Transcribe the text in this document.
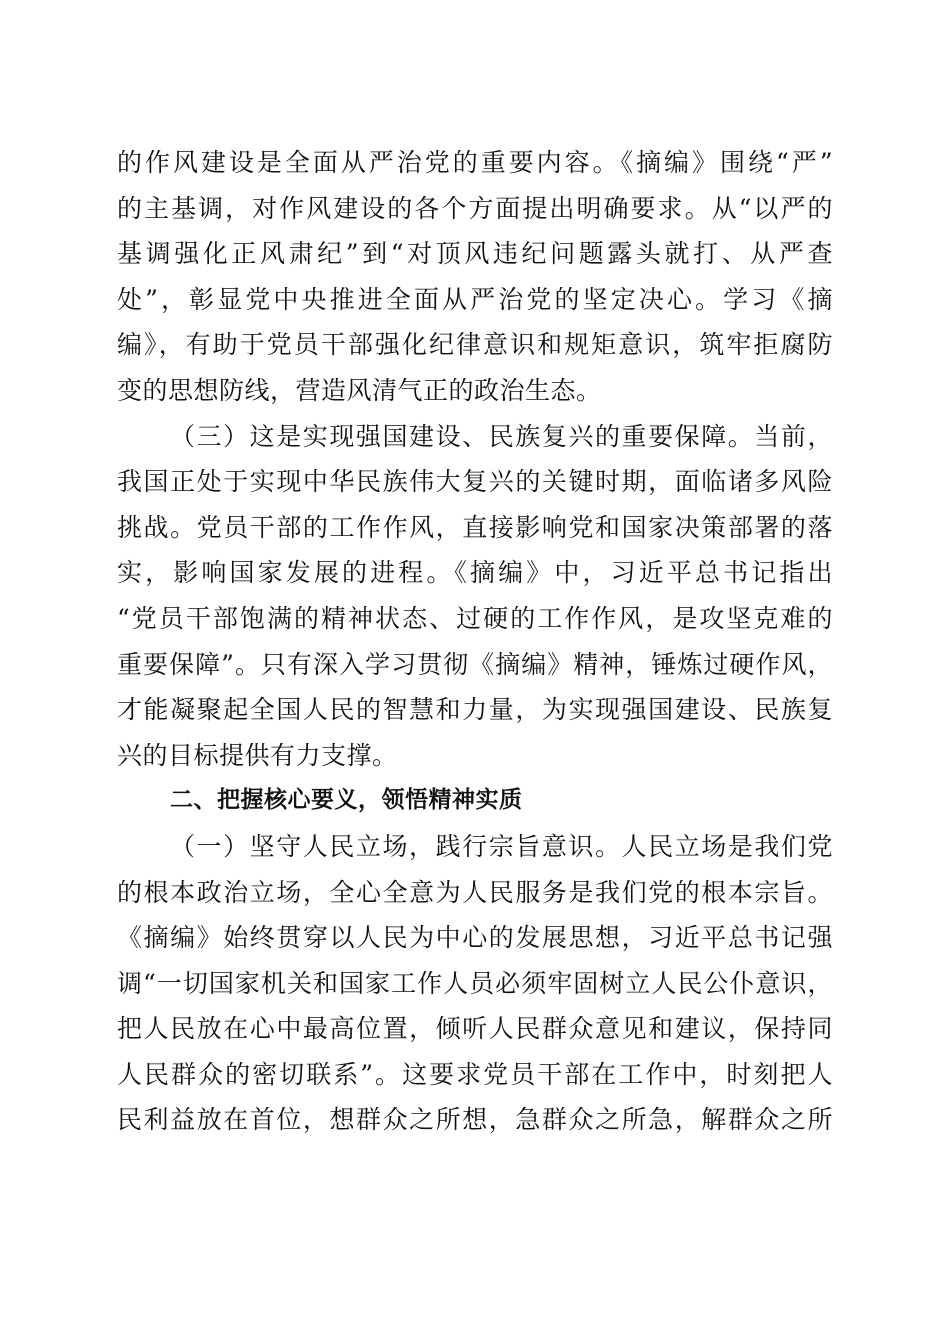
的作风建设是全面从严治党的重要内容。《摘编》围绕“严”
的主基调，对作风建设的各个方面提出明确要求。从“以严的
基调强化正风肃纪”到“对顶风违纪问题露头就打、从严查
处”，彰显党中央推进全面从严治党的坚定决心。学习《摘
编》，有助于党员干部强化纪律意识和规矩意识，筑牢拒腐防
变的思想防线，营造风清气正的政治生态。
（三）这是实现强国建设、民族复兴的重要保障。当前，
我国正处于实现中华民族伟大复兴的关键时期，面临诸多风险
挑战。党员干部的工作作风，直接影响党和国家决策部署的落
实，影响国家发展的进程。《摘编》中，习近平总书记指出
“党员干部饱满的精神状态、过硬的工作作风，是攻坚克难的
重要保障”。只有深入学习贯彻《摘编》精神，锤炼过硬作风，
才能凝聚起全国人民的智慧和力量，为实现强国建设、民族复
兴的目标提供有力支撑。
二、把握核心要义，领悟精神实质
（一）坚守人民立场，践行宗旨意识。人民立场是我们党
的根本政治立场，全心全意为人民服务是我们党的根本宗旨。
《摘编》始终贯穿以人民为中心的发展思想，习近平总书记强
调“一切国家机关和国家工作人员必须牢固树立人民公仆意识，
把人民放在心中最高位置，倾听人民群众意见和建议，保持同
人民群众的密切联系”。这要求党员干部在工作中，时刻把人
民利益放在首位，想群众之所想，急群众之所急，解群众之所
